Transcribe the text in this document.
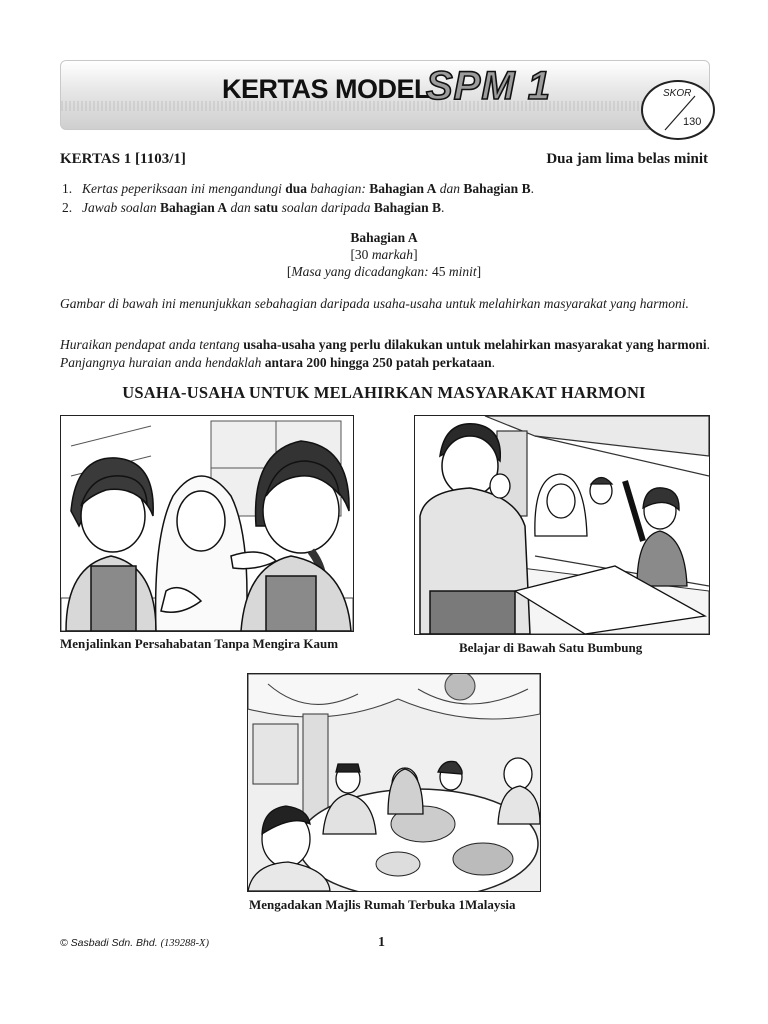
KERTAS MODEL
SPM 1	SKOR
130
KERTAS 1 [1103/1]	Dua jam lima belas minit
1. Kertas peperiksaan ini mengandungi dua bahagian: Bahagian A dan Bahagian B.
2. Jawab soalan Bahagian A dan satu soalan daripada Bahagian B.
Bahagian A
[30 markah]
[Masa yang dicadangkan: 45 minit]
Gambar di bawah ini menunjukkan sebahagian daripada usaha-usaha untuk melahirkan masyarakat yang harmoni.
Huraikan pendapat anda tentang usaha-usaha yang perlu dilakukan untuk melahirkan masyarakat yang harmoni. Panjangnya huraian anda hendaklah antara 200 hingga 250 patah perkataan.
USAHA-USAHA UNTUK MELAHIRKAN MASYARAKAT HARMONI
Menjalinkan Persahabatan Tanpa Mengira Kaum	Belajar di Bawah Satu Bumbung
Mengadakan Majlis Rumah Terbuka 1Malaysia
© Sasbadi Sdn. Bhd. (139288-X)	1
